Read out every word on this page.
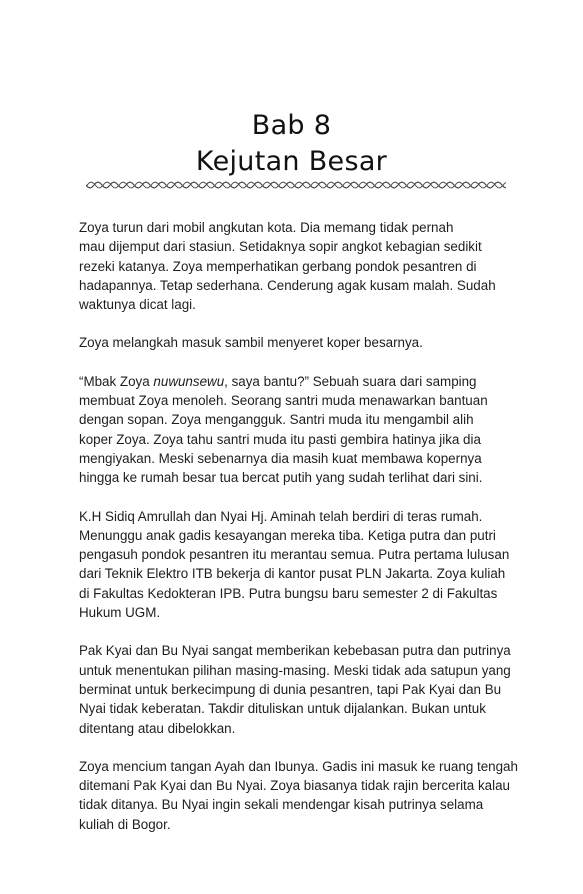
Bab 8
Kejutan Besar

Zoya turun dari mobil angkutan kota. Dia memang tidak pernah
mau dijemput dari stasiun. Setidaknya sopir angkot kebagian sedikit
rezeki katanya. Zoya memperhatikan gerbang pondok pesantren di
hadapannya. Tetap sederhana. Cenderung agak kusam malah. Sudah
waktunya dicat lagi.

Zoya melangkah masuk sambil menyeret koper besarnya.

“Mbak Zoya nuwunsewu, saya bantu?” Sebuah suara dari samping
membuat Zoya menoleh. Seorang santri muda menawarkan bantuan
dengan sopan. Zoya mengangguk. Santri muda itu mengambil alih
koper Zoya. Zoya tahu santri muda itu pasti gembira hatinya jika dia
mengiyakan. Meski sebenarnya dia masih kuat membawa kopernya
hingga ke rumah besar tua bercat putih yang sudah terlihat dari sini.

K.H Sidiq Amrullah dan Nyai Hj. Aminah telah berdiri di teras rumah.
Menunggu anak gadis kesayangan mereka tiba. Ketiga putra dan putri
pengasuh pondok pesantren itu merantau semua. Putra pertama lulusan
dari Teknik Elektro ITB bekerja di kantor pusat PLN Jakarta. Zoya kuliah
di Fakultas Kedokteran IPB. Putra bungsu baru semester 2 di Fakultas
Hukum UGM.

Pak Kyai dan Bu Nyai sangat memberikan kebebasan putra dan putrinya
untuk menentukan pilihan masing-masing. Meski tidak ada satupun yang
berminat untuk berkecimpung di dunia pesantren, tapi Pak Kyai dan Bu
Nyai tidak keberatan. Takdir dituliskan untuk dijalankan. Bukan untuk
ditentang atau dibelokkan.

Zoya mencium tangan Ayah dan Ibunya. Gadis ini masuk ke ruang tengah
ditemani Pak Kyai dan Bu Nyai. Zoya biasanya tidak rajin bercerita kalau
tidak ditanya. Bu Nyai ingin sekali mendengar kisah putrinya selama
kuliah di Bogor.
